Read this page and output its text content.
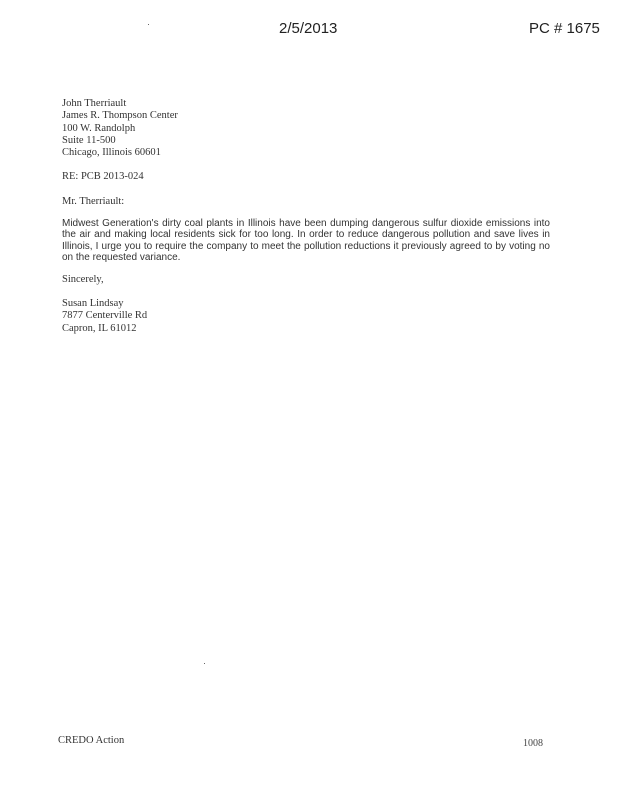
2/5/2013	PC # 1675
John Therriault
James R. Thompson Center
100 W. Randolph
Suite 11-500
Chicago, Illinois 60601
RE: PCB 2013-024
Mr. Therriault:

Midwest Generation's dirty coal plants in Illinois have been dumping dangerous sulfur dioxide emissions into the air and making local residents sick for too long. In order to reduce dangerous pollution and save lives in Illinois, I urge you to require the company to meet the pollution reductions it previously agreed to by voting no on the requested variance.

Sincerely,
Susan Lindsay
7877 Centerville Rd
Capron, IL 61012
CREDO Action	1008
